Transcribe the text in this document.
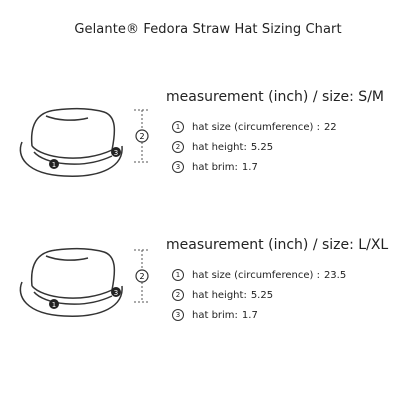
Gelante® Fedora Straw Hat Sizing Chart
2
1
3
measurement (inch) / size: S/M
1 hat size (circumference) : 22
2 hat height: 5.25
3 hat brim: 1.7
2
1
3
measurement (inch) / size: L/XL
1 hat size (circumference) : 23.5
2 hat height: 5.25
3 hat brim: 1.7
